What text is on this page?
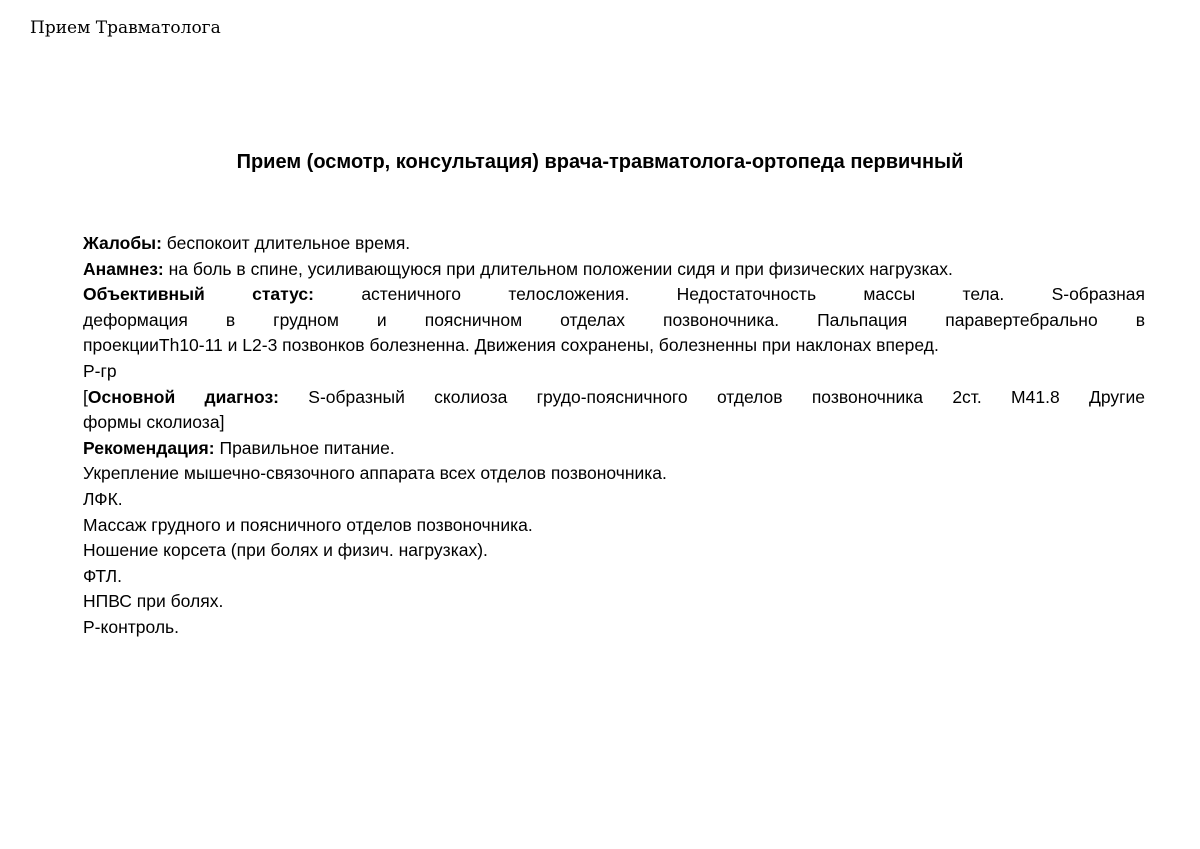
Прием Травматолога
Прием (осмотр, консультация) врача-травматолога-ортопеда первичный
Жалобы: беспокоит длительное время.
Анамнез: на боль в спине, усиливающуюся при длительном положении сидя и при физических нагрузках.
Объективный статус:	астеничного телосложения. Недостаточность массы тела. S-образная
деформация в грудном и поясничном отделах позвоночника. Пальпация паравертебрально в
проекцииTh10-11 и L2-3 позвонков болезненна. Движения сохранены, болезненны при наклонах вперед.
Р-гр
[Основной диагноз: S-образный сколиоза грудо-поясничного отделов позвоночника 2ст. M41.8 Другие
формы сколиоза]
Рекомендация: Правильное питание.
Укрепление мышечно-связочного аппарата всех отделов позвоночника.
ЛФК.
Массаж грудного и поясничного отделов позвоночника.
Ношение корсета (при болях и физич. нагрузках).
ФТЛ.
НПВС при болях.
Р-контроль.
